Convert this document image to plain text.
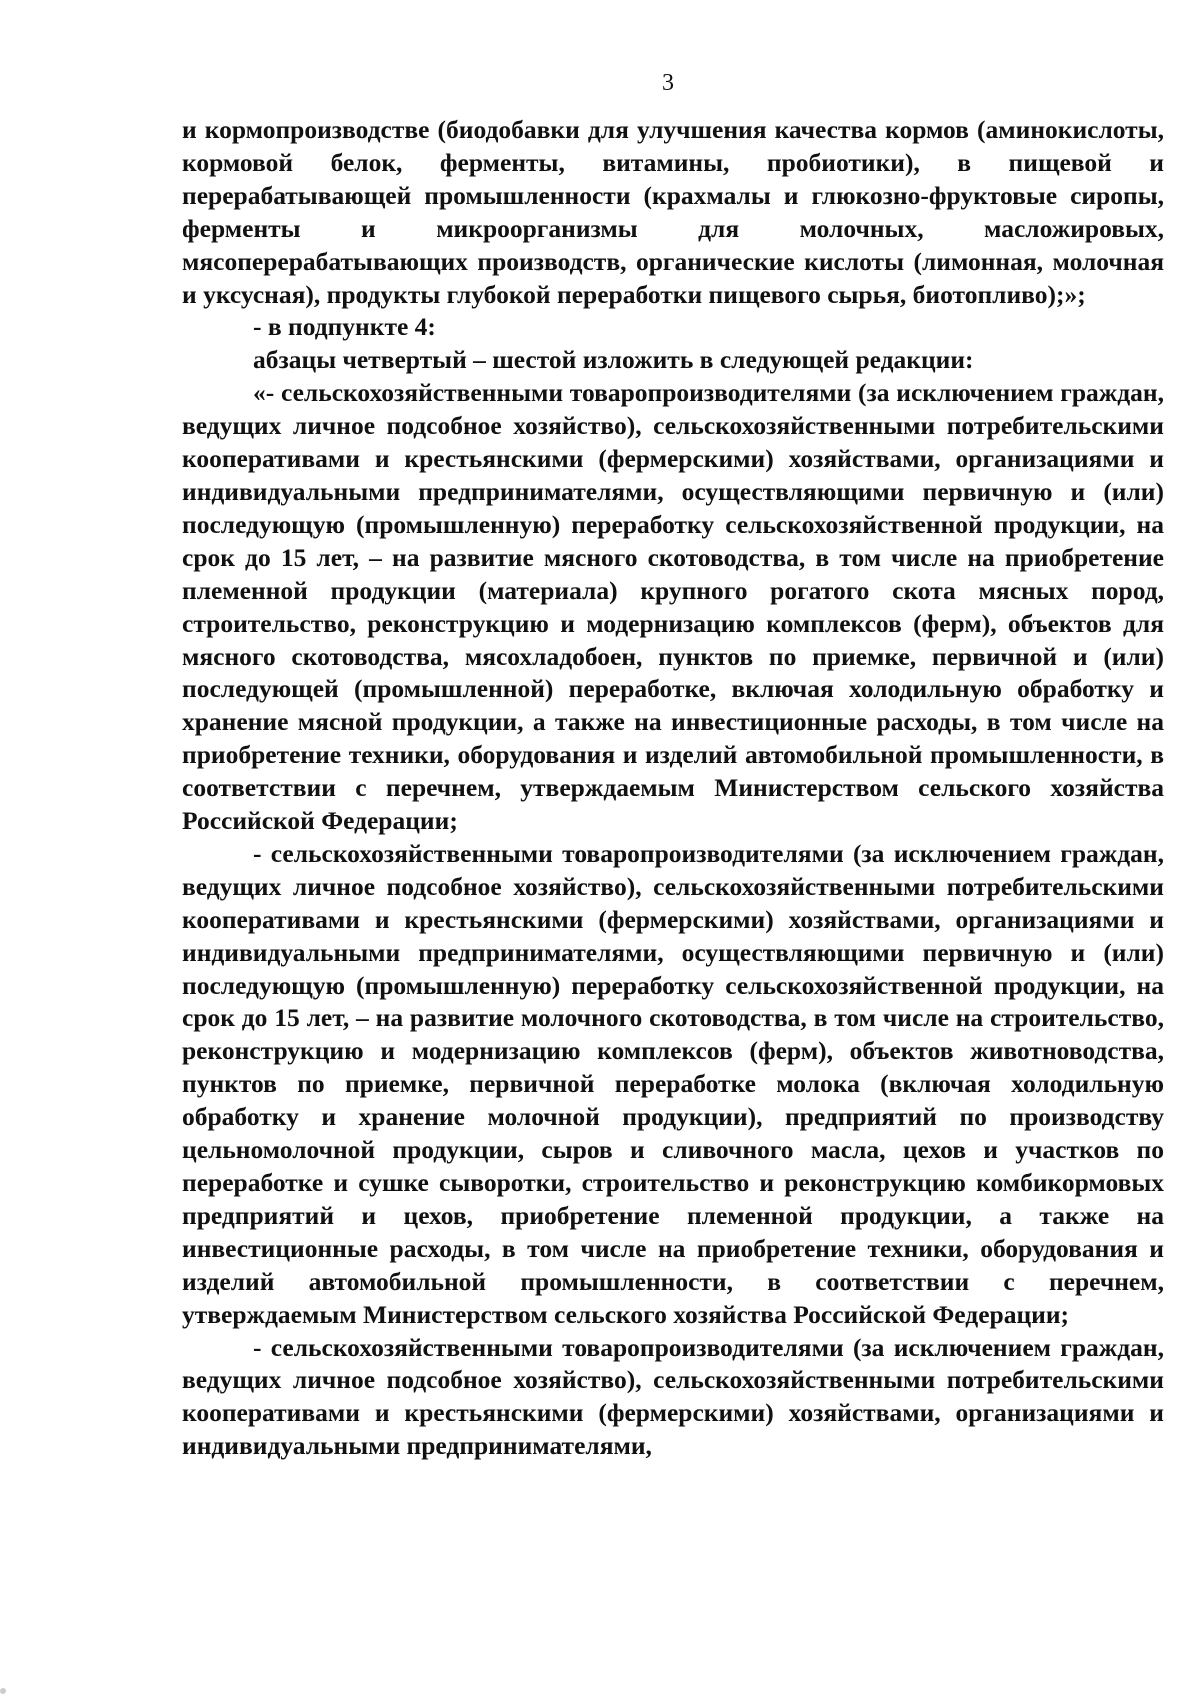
3

и кормопроизводстве (биодобавки для улучшения качества кормов (аминокислоты, кормовой белок, ферменты, витамины, пробиотики), в пищевой и перерабатывающей промышленности (крахмалы и глюкозно-фруктовые сиропы, ферменты и микроорганизмы для молочных, масложировых, мясоперерабатывающих производств, органические кислоты (лимонная, молочная и уксусная), продукты глубокой переработки пищевого сырья, биотопливо);»;

- в подпункте 4:

абзацы четвертый – шестой изложить в следующей редакции:

«- сельскохозяйственными товаропроизводителями (за исключением граждан, ведущих личное подсобное хозяйство), сельскохозяйственными потребительскими кооперативами и крестьянскими (фермерскими) хозяйствами, организациями и индивидуальными предпринимателями, осуществляющими первичную и (или) последующую (промышленную) переработку сельскохозяйственной продукции, на срок до 15 лет, – на развитие мясного скотоводства, в том числе на приобретение племенной продукции (материала) крупного рогатого скота мясных пород, строительство, реконструкцию и модернизацию комплексов (ферм), объектов для мясного скотоводства, мясохладобоен, пунктов по приемке, первичной и (или) последующей (промышленной) переработке, включая холодильную обработку и хранение мясной продукции, а также на инвестиционные расходы, в том числе на приобретение техники, оборудования и изделий автомобильной промышленности, в соответствии с перечнем, утверждаемым Министерством сельского хозяйства Российской Федерации;

- сельскохозяйственными товаропроизводителями (за исключением граждан, ведущих личное подсобное хозяйство), сельскохозяйственными потребительскими кооперативами и крестьянскими (фермерскими) хозяйствами, организациями и индивидуальными предпринимателями, осуществляющими первичную и (или) последующую (промышленную) переработку сельскохозяйственной продукции, на срок до 15 лет, – на развитие молочного скотоводства, в том числе на строительство, реконструкцию и модернизацию комплексов (ферм), объектов животноводства, пунктов по приемке, первичной переработке молока (включая холодильную обработку и хранение молочной продукции), предприятий по производству цельномолочной продукции, сыров и сливочного масла, цехов и участков по переработке и сушке сыворотки, строительство и реконструкцию комбикормовых предприятий и цехов, приобретение племенной продукции, а также на инвестиционные расходы, в том числе на приобретение техники, оборудования и изделий автомобильной промышленности, в соответствии с перечнем, утверждаемым Министерством сельского хозяйства Российской Федерации;

- сельскохозяйственными товаропроизводителями (за исключением граждан, ведущих личное подсобное хозяйство), сельскохозяйственными потребительскими кооперативами и крестьянскими (фермерскими) хозяйствами, организациями и индивидуальными предпринимателями,
